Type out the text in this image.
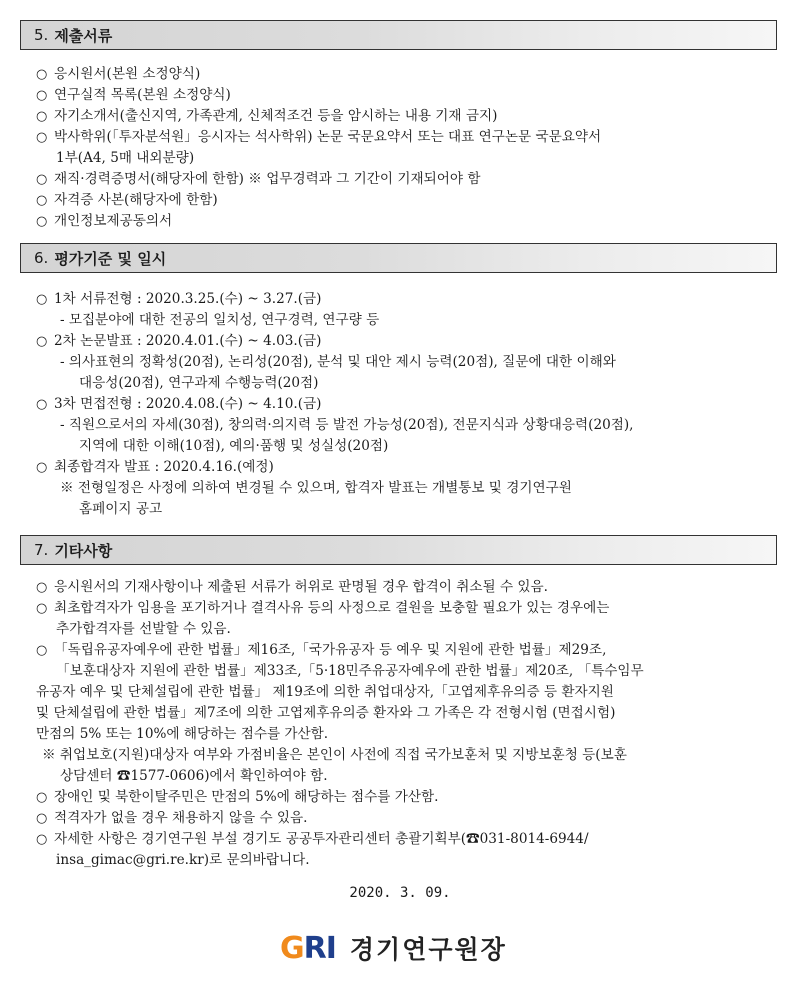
5. 제출서류
○ 응시원서(본원 소정양식)
○ 연구실적 목록(본원 소정양식)
○ 자기소개서(출신지역, 가족관계, 신체적조건 등을 암시하는 내용 기재 금지)
○ 박사학위(「투자분석원」응시자는 석사학위) 논문 국문요약서 또는 대표 연구논문 국문요약서
1부(A4, 5매 내외분량)
○ 재직·경력증명서(해당자에 한함) ※ 업무경력과 그 기간이 기재되어야 함
○ 자격증 사본(해당자에 한함)
○ 개인정보제공동의서
6. 평가기준 및 일시
○ 1차 서류전형 : 2020.3.25.(수) ~ 3.27.(금)
- 모집분야에 대한 전공의 일치성, 연구경력, 연구량 등
○ 2차 논문발표 : 2020.4.01.(수) ~ 4.03.(금)
- 의사표현의 정확성(20점), 논리성(20점), 분석 및 대안 제시 능력(20점), 질문에 대한 이해와
대응성(20점), 연구과제 수행능력(20점)
○ 3차 면접전형 : 2020.4.08.(수) ~ 4.10.(금)
- 직원으로서의 자세(30점), 창의력·의지력 등 발전 가능성(20점), 전문지식과 상황대응력(20점),
지역에 대한 이해(10점), 예의·품행 및 성실성(20점)
○ 최종합격자 발표 : 2020.4.16.(예정)
※ 전형일정은 사정에 의하여 변경될 수 있으며, 합격자 발표는 개별통보 및 경기연구원
홈페이지 공고
7. 기타사항
○ 응시원서의 기재사항이나 제출된 서류가 허위로 판명될 경우 합격이 취소될 수 있음.
○ 최초합격자가 임용을 포기하거나 결격사유 등의 사정으로 결원을 보충할 필요가 있는 경우에는
추가합격자를 선발할 수 있음.
○ 「독립유공자예우에 관한 법률」제16조,「국가유공자 등 예우 및 지원에 관한 법률」제29조,
「보훈대상자 지원에 관한 법률」제33조,「5·18민주유공자예우에 관한 법률」제20조, 「특수임무
유공자 예우 및 단체설립에 관한 법률」 제19조에 의한 취업대상자,「고엽제후유의증 등 환자지원
및 단체설립에 관한 법률」제7조에 의한 고엽제후유의증 환자와 그 가족은 각 전형시험 (면접시험)
만점의 5% 또는 10%에 해당하는 점수를 가산함.
※ 취업보호(지원)대상자 여부와 가점비율은 본인이 사전에 직접 국가보훈처 및 지방보훈청 등(보훈
상담센터 ☎1577-0606)에서 확인하여야 함.
○ 장애인 및 북한이탈주민은 만점의 5%에 해당하는 점수를 가산함.
○ 적격자가 없을 경우 채용하지 않을 수 있음.
○ 자세한 사항은 경기연구원 부설 경기도 공공투자관리센터 총괄기획부(☎031-8014-6944/
insa_gimac@gri.re.kr)로 문의바랍니다.
2020. 3. 09.
GRI 경기연구원장
